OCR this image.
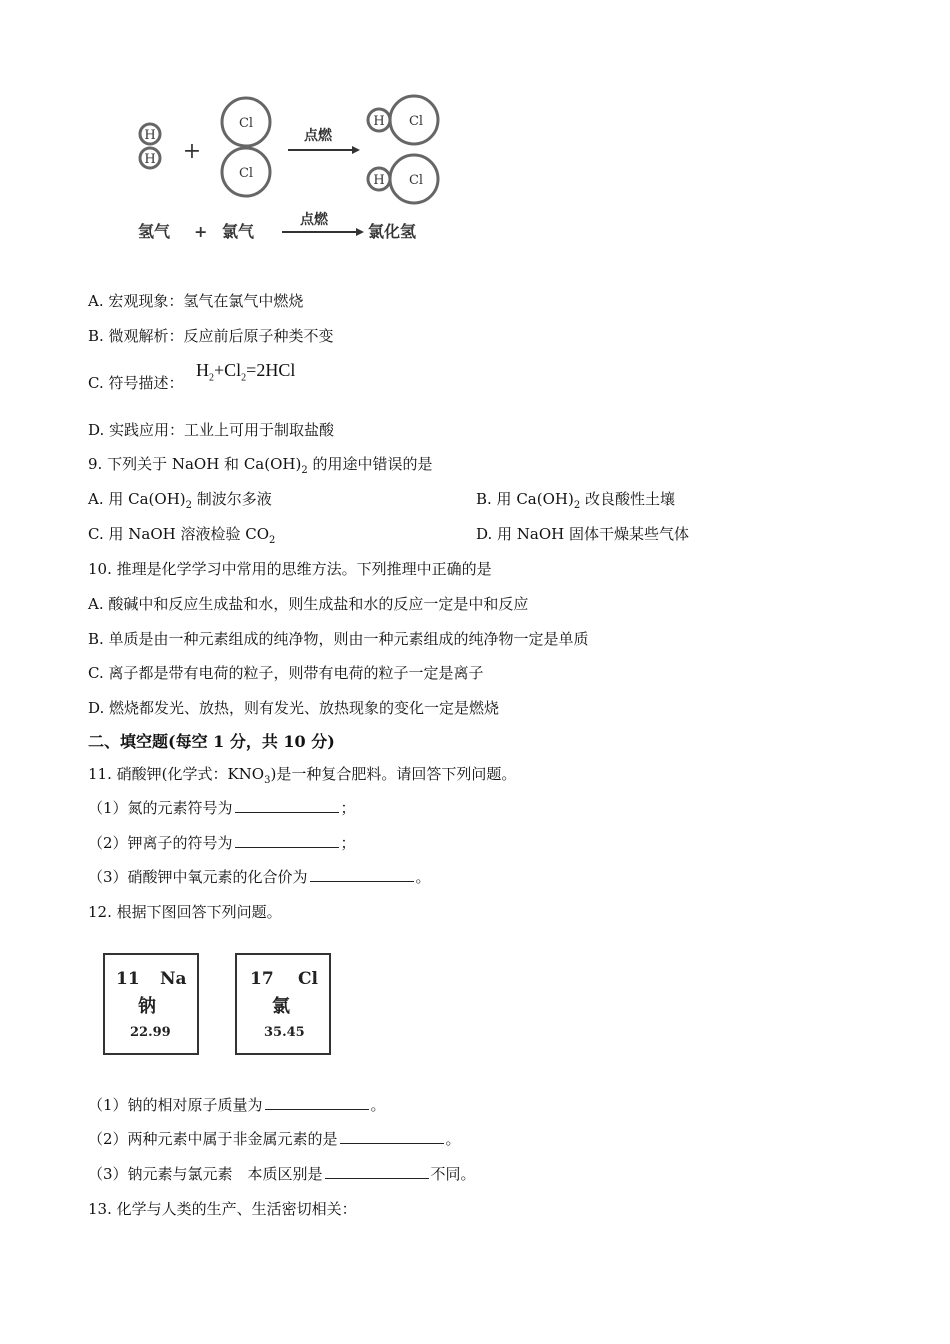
H
H
Cl
Cl
H Cl
H Cl
+
点燃
氢气 + 氯气
点燃
氯化氢
A. 宏观现象：氢气在氯气中燃烧
B. 微观解析：反应前后原子种类不变
C. 符号描述：
$H_2+Cl_2=2HCl$
D. 实践应用：工业上可用于制取盐酸
9. 下列关于 NaOH 和 $Ca(OH)_2$ 的用途中错误的是
A. 用 $Ca(OH)_2$ 制波尔多液	B. 用 $Ca(OH)_2$ 改良酸性土壤
C. 用 NaOH 溶液检验 $CO_2$	D. 用 NaOH 固体干燥某些气体
10. 推理是化学学习中常用的思维方法。下列推理中正确的是
A. 酸碱中和反应生成盐和水，则生成盐和水的反应一定是中和反应
B. 单质是由一种元素组成的纯净物，则由一种元素组成的纯净物一定是单质
C. 离子都是带有电荷的粒子，则带有电荷的粒子一定是离子
D. 燃烧都发光、放热，则有发光、放热现象的变化一定是燃烧
二、填空题(每空 1 分，共 10 分)
11. 硝酸钾(化学式：$KNO_3$)是一种复合肥料。请回答下列问题。
（1）氮的元素符号为	；
（2）钾离子的符号为	；
（3）硝酸钾中氧元素的化合价为	。
12. 根据下图回答下列问题。
11 Na
钠
22.99
17 Cl
氯
35.45
（1）钠的相对原子质量为	。
（2）两种元素中属于非金属元素的是	。
（3）钠元素与氯元素　本质区别是	不同。
13. 化学与人类的生产、生活密切相关：
